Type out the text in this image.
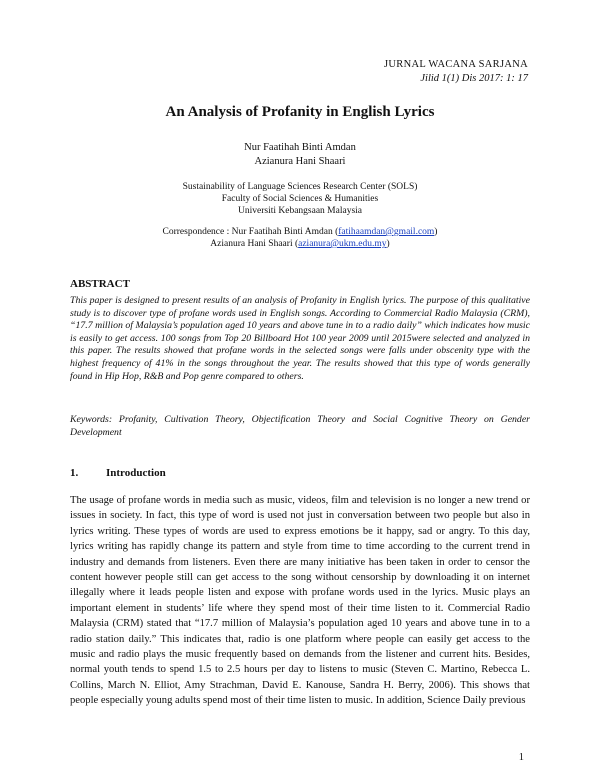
JURNAL WACANA SARJANA
Jilid 1(1) Dis 2017: 1: 17
An Analysis of Profanity in English Lyrics
Nur Faatihah Binti Amdan
Azianura Hani Shaari
Sustainability of Language Sciences Research Center (SOLS)
Faculty of Social Sciences & Humanities
Universiti Kebangsaan Malaysia
Correspondence : Nur Faatihah Binti Amdan (fatihaamdan@gmail.com)
Azianura Hani Shaari (azianura@ukm.edu.my)
ABSTRACT
This paper is designed to present results of an analysis of Profanity in English lyrics. The purpose of this qualitative study is to discover type of profane words used in English songs. According to Commercial Radio Malaysia (CRM), “17.7 million of Malaysia’s population aged 10 years and above tune in to a radio daily” which indicates how music is easily to get access. 100 songs from Top 20 Billboard Hot 100 year 2009 until 2015were selected and analyzed in this paper. The results showed that profane words in the selected songs were falls under obscenity type with the highest frequency of 41% in the songs throughout the year. The results showed that this type of words generally found in Hip Hop, R&B and Pop genre compared to others.
Keywords: Profanity, Cultivation Theory, Objectification Theory and Social Cognitive Theory on Gender Development
1.	Introduction
The usage of profane words in media such as music, videos, film and television is no longer a new trend or issues in society. In fact, this type of word is used not just in conversation between two people but also in lyrics writing. These types of words are used to express emotions be it happy, sad or angry. To this day, lyrics writing has rapidly change its pattern and style from time to time according to the current trend in industry and demands from listeners. Even there are many initiative has been taken in order to censor the content however people still can get access to the song without censorship by downloading it on internet illegally where it leads people listen and expose with profane words used in the lyrics. Music plays an important element in students’ life where they spend most of their time listen to it. Commercial Radio Malaysia (CRM) stated that “17.7 million of Malaysia’s population aged 10 years and above tune in to a radio station daily.” This indicates that, radio is one platform where people can easily get access to the music and radio plays the music frequently based on demands from the listener and current hits. Besides, normal youth tends to spend 1.5 to 2.5 hours per day to listens to music (Steven C. Martino, Rebecca L. Collins, March N. Elliot, Amy Strachman, David E. Kanouse, Sandra H. Berry, 2006). This shows that people especially young adults spend most of their time listen to music. In addition, Science Daily previous
1
